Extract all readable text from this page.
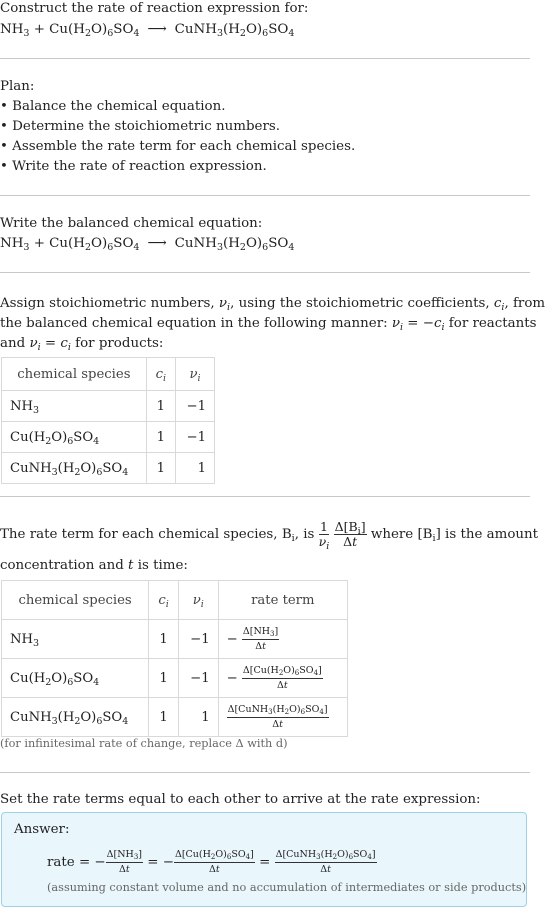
Construct the rate of reaction expression for:
$NH_3 + Cu(H_2O)_6SO_4$ ⟶ $CuNH_3(H_2O)_6SO_4$
Plan:
• Balance the chemical equation.
• Determine the stoichiometric numbers.
• Assemble the rate term for each chemical species.
• Write the rate of reaction expression.
Write the balanced chemical equation:
$NH_3 + Cu(H_2O)_6SO_4$ ⟶ $CuNH_3(H_2O)_6SO_4$
Assign stoichiometric numbers, $\nu_i$, using the stoichiometric coefficients, $c_i$, from
the balanced chemical equation in the following manner: $\nu_i = -c_i$ for reactants
and $\nu_i = c_i$ for products:
chemical species	$c_i$	$\nu_i$
$NH_3$	1	−1
$Cu(H_2O)_6SO_4$	1	−1
$CuNH_3(H_2O)_6SO_4$	1	1
The rate term for each chemical species, $B_i$, is $\frac{1}{\nu_i}$
$\frac{\Delta[B_i]}{\Delta t}$ where $[B_i]$ is the amount
concentration and t is time:
chemical species	$c_i$	$\nu_i$	rate term
$NH_3$	1	−1	− $\frac{\Delta[NH_3]}{\Delta t}$

$Cu(H_2O)_6SO_4$	1	−1	− $\frac{\Delta[Cu(H_2O)_6SO_4]}{\Delta t}$

$CuNH_3(H_2O)_6SO_4$	1	1	$\frac{\Delta[CuNH_3(H_2O)_6SO_4]}{\Delta t}$
(for infinitesimal rate of change, replace Δ with d)
Set the rate terms equal to each other to arrive at the rate expression:
Answer:
rate = − $\frac{\Delta[NH_3]}{\Delta t}$ = − $\frac{\Delta[Cu(H_2O)_6SO_4]}{\Delta t} = \frac{\Delta[CuNH_3(H_2O)_6SO_4]}{\Delta t}$
(assuming constant volume and no accumulation of intermediates or side products)
